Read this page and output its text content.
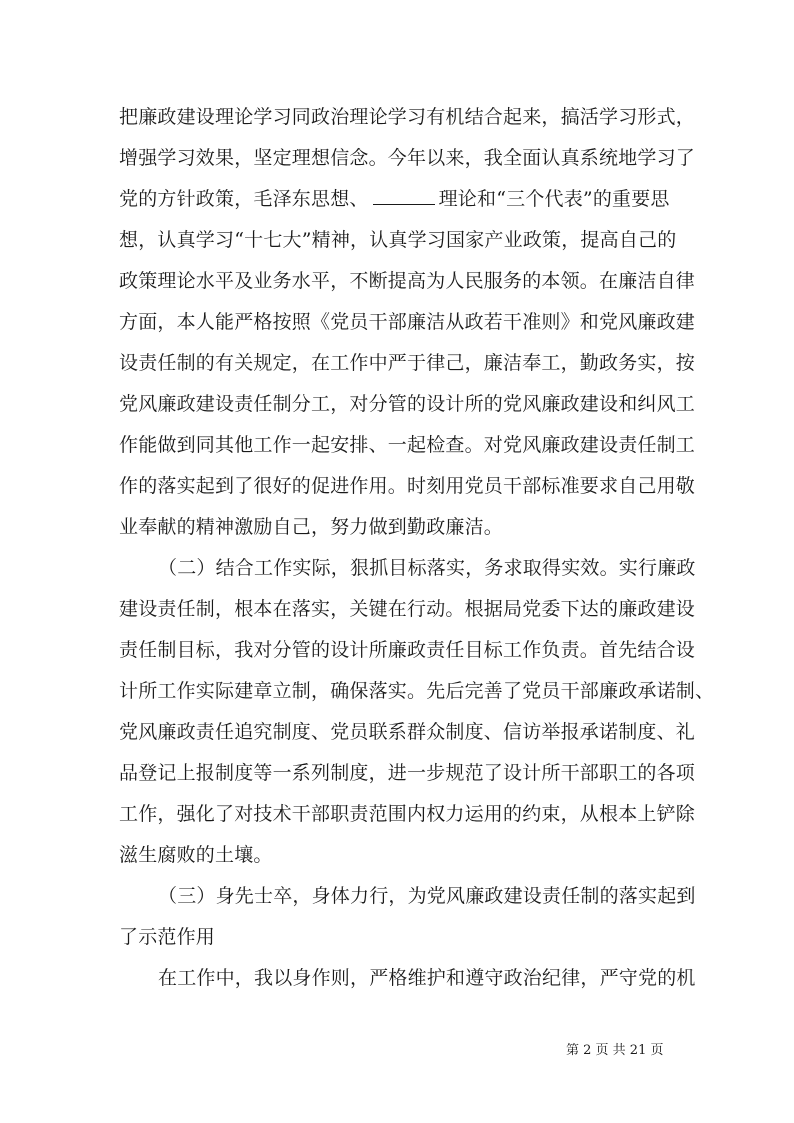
把廉政建设理论学习同政治理论学习有机结合起来，搞活学习形式，
增强学习效果，坚定理想信念。今年以来，我全面认真系统地学习了
党的方针政策，毛泽东思想、	理论和“三个代表”的重要思
想，认真学习“十七大”精神，认真学习国家产业政策，提高自己的
政策理论水平及业务水平，不断提高为人民服务的本领。在廉洁自律
方面，本人能严格按照《党员干部廉洁从政若干准则》和党风廉政建
设责任制的有关规定，在工作中严于律己，廉洁奉工，勤政务实，按
党风廉政建设责任制分工，对分管的设计所的党风廉政建设和纠风工
作能做到同其他工作一起安排、一起检查。对党风廉政建设责任制工
作的落实起到了很好的促进作用。时刻用党员干部标准要求自己用敬
业奉献的精神激励自己，努力做到勤政廉洁。
（二）结合工作实际，狠抓目标落实，务求取得实效。实行廉政
建设责任制，根本在落实，关键在行动。根据局党委下达的廉政建设
责任制目标，我对分管的设计所廉政责任目标工作负责。首先结合设
计所工作实际建章立制，确保落实。先后完善了党员干部廉政承诺制、
党风廉政责任追究制度、党员联系群众制度、信访举报承诺制度、礼
品登记上报制度等一系列制度，进一步规范了设计所干部职工的各项
工作，强化了对技术干部职责范围内权力运用的约束，从根本上铲除
滋生腐败的土壤。
（三）身先士卒，身体力行，为党风廉政建设责任制的落实起到
了示范作用
在工作中，我以身作则，严格维护和遵守政治纪律，严守党的机
第 2 页 共 21 页
